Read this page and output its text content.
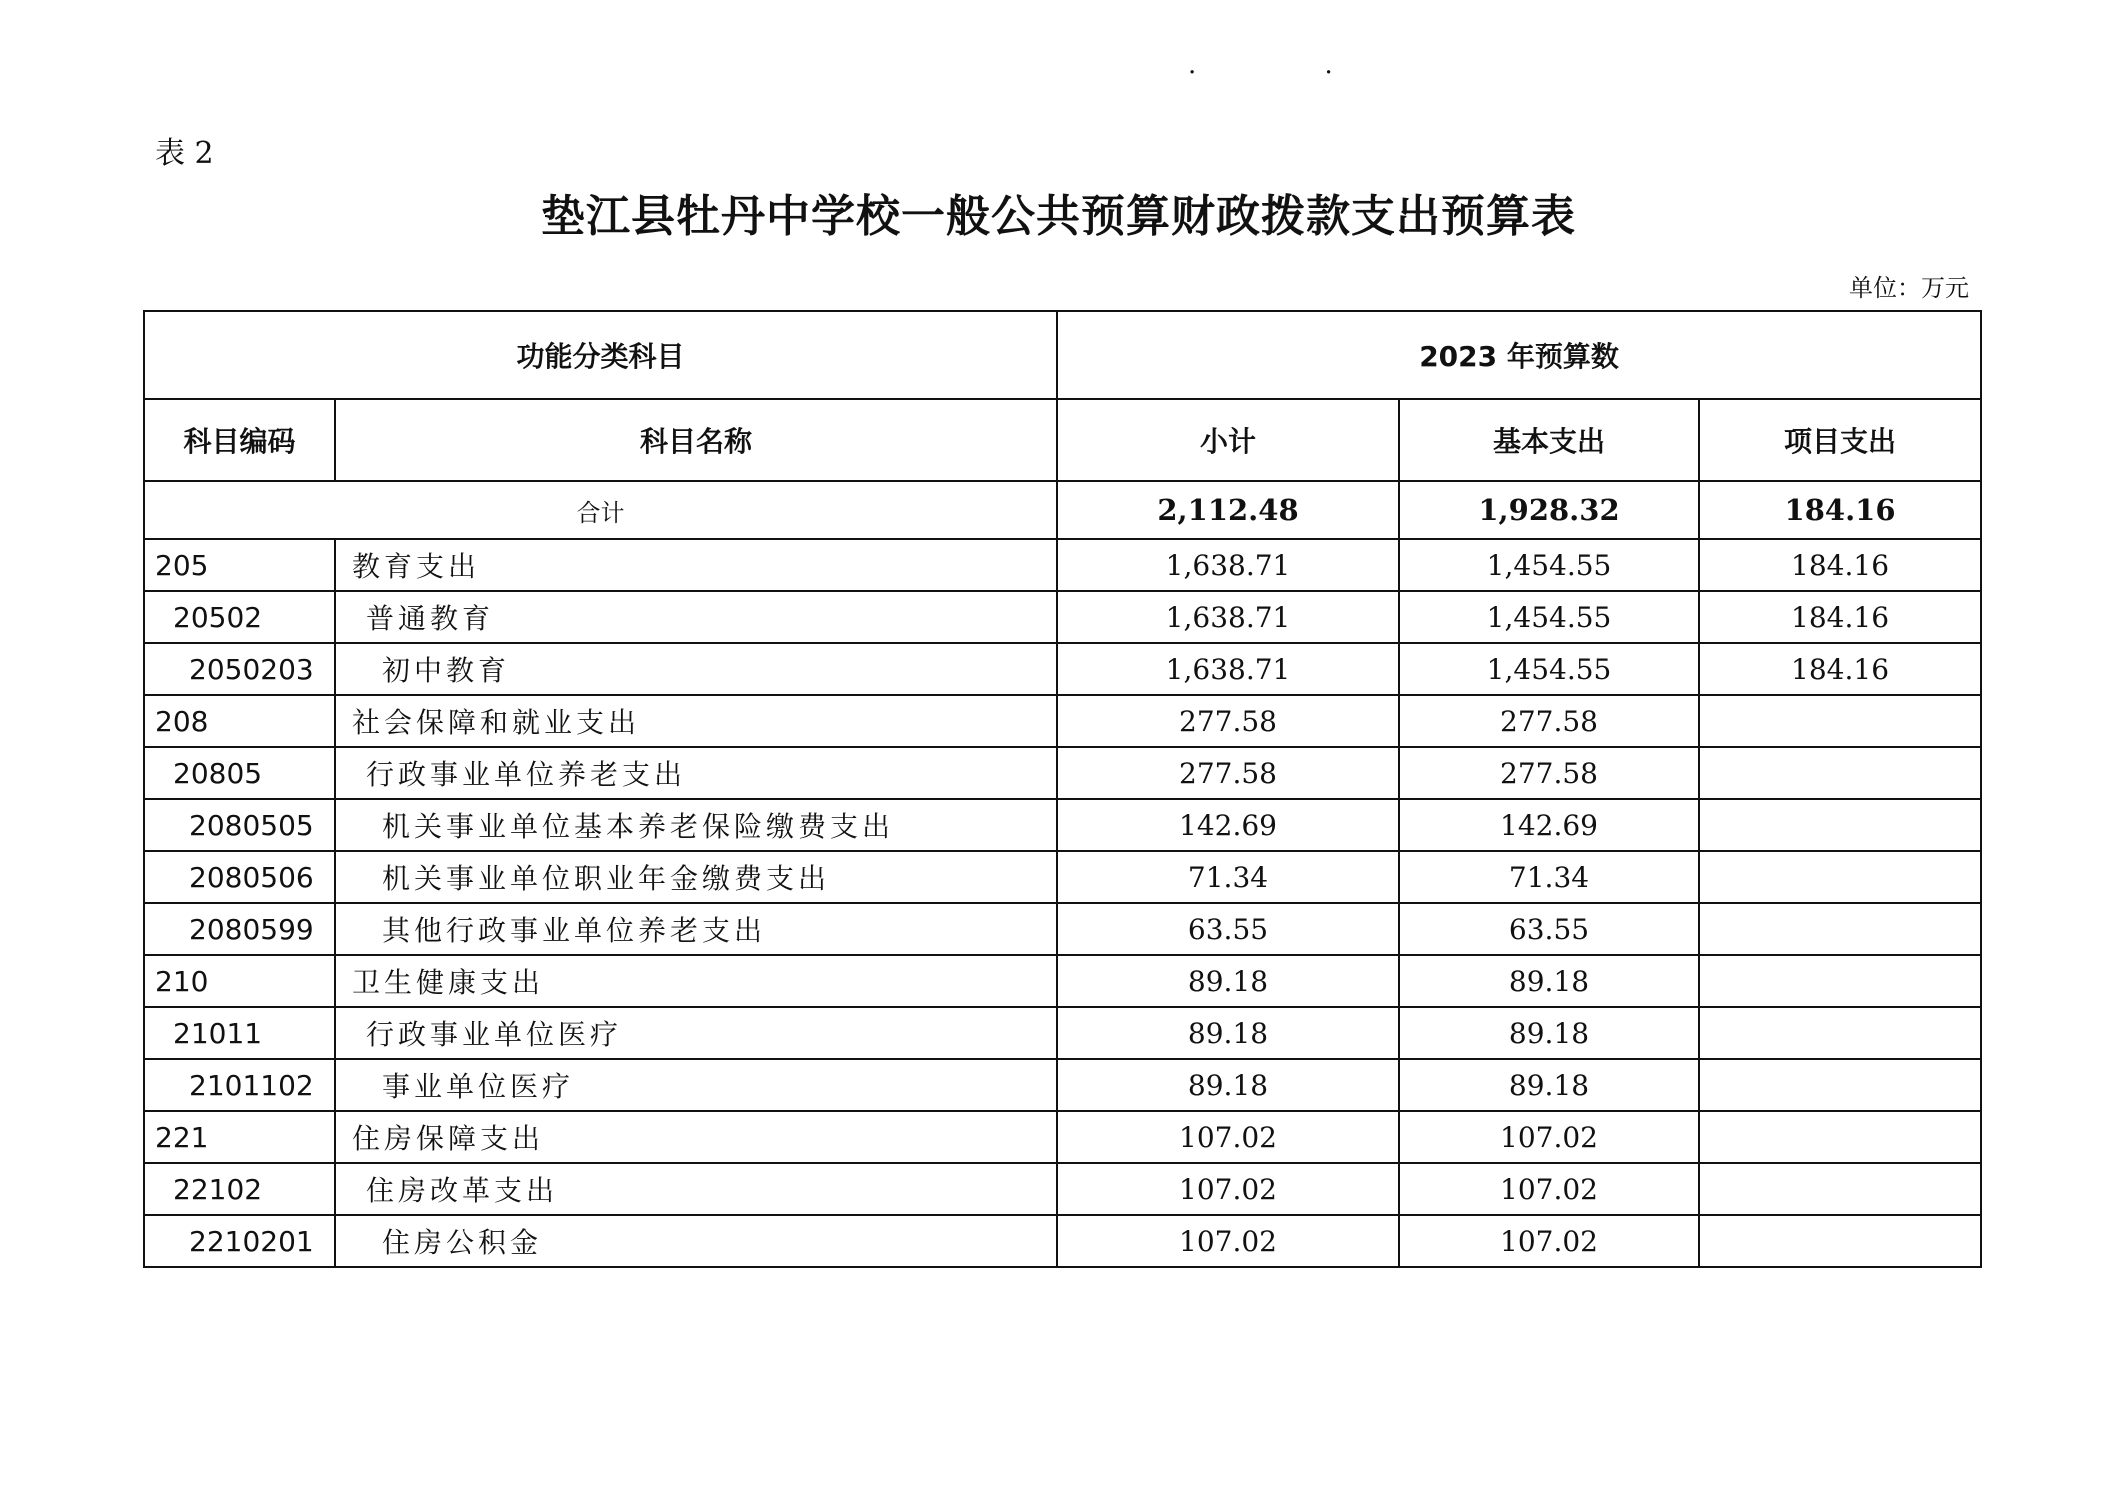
· ·
表 2
垫江县牡丹中学校一般公共预算财政拨款支出预算表
单位：万元
功能分类科目		2023 年预算数		
科目编码	科目名称	小计	基本支出	项目支出
合计		2,112.48	1,928.32	184.16
205	教育支出	1,638.71	1,454.55	184.16
20502	普通教育	1,638.71	1,454.55	184.16
2050203	初中教育	1,638.71	1,454.55	184.16
208	社会保障和就业支出	277.58	277.58	
20805	行政事业单位养老支出	277.58	277.58	
2080505	机关事业单位基本养老保险缴费支出	142.69	142.69	
2080506	机关事业单位职业年金缴费支出	71.34	71.34	
2080599	其他行政事业单位养老支出	63.55	63.55	
210	卫生健康支出	89.18	89.18	
21011	行政事业单位医疗	89.18	89.18	
2101102	事业单位医疗	89.18	89.18	
221	住房保障支出	107.02	107.02	
22102	住房改革支出	107.02	107.02	
2210201	住房公积金	107.02	107.02	
